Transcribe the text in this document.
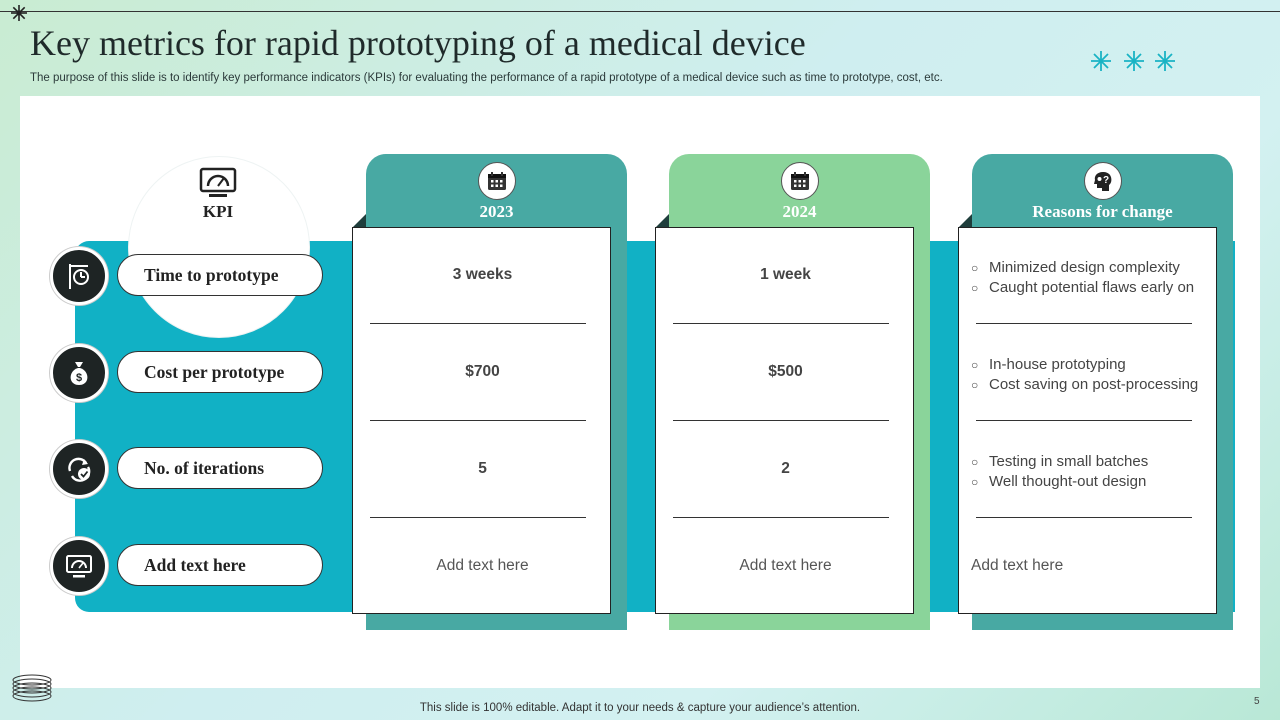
Key metrics for rapid prototyping of a medical device
The purpose of this slide is to identify key performance indicators (KPIs) for evaluating the performance of a rapid prototype of a medical device such as time to prototype, cost, etc.
KPI
Time to prototype
$	Cost per prototype
No. of iterations
Add text here
2023
3 weeks
$700
5
Add text here
2024
1 week
$500
2
Add text here
?
Reasons for change
○ Minimized design complexity
○ Caught potential flaws early on
○ In-house prototyping
○ Cost saving on post-processing
○ Testing in small batches
○ Well thought-out design
Add text here
This slide is 100% editable. Adapt it to your needs & capture your audience’s attention.
5
